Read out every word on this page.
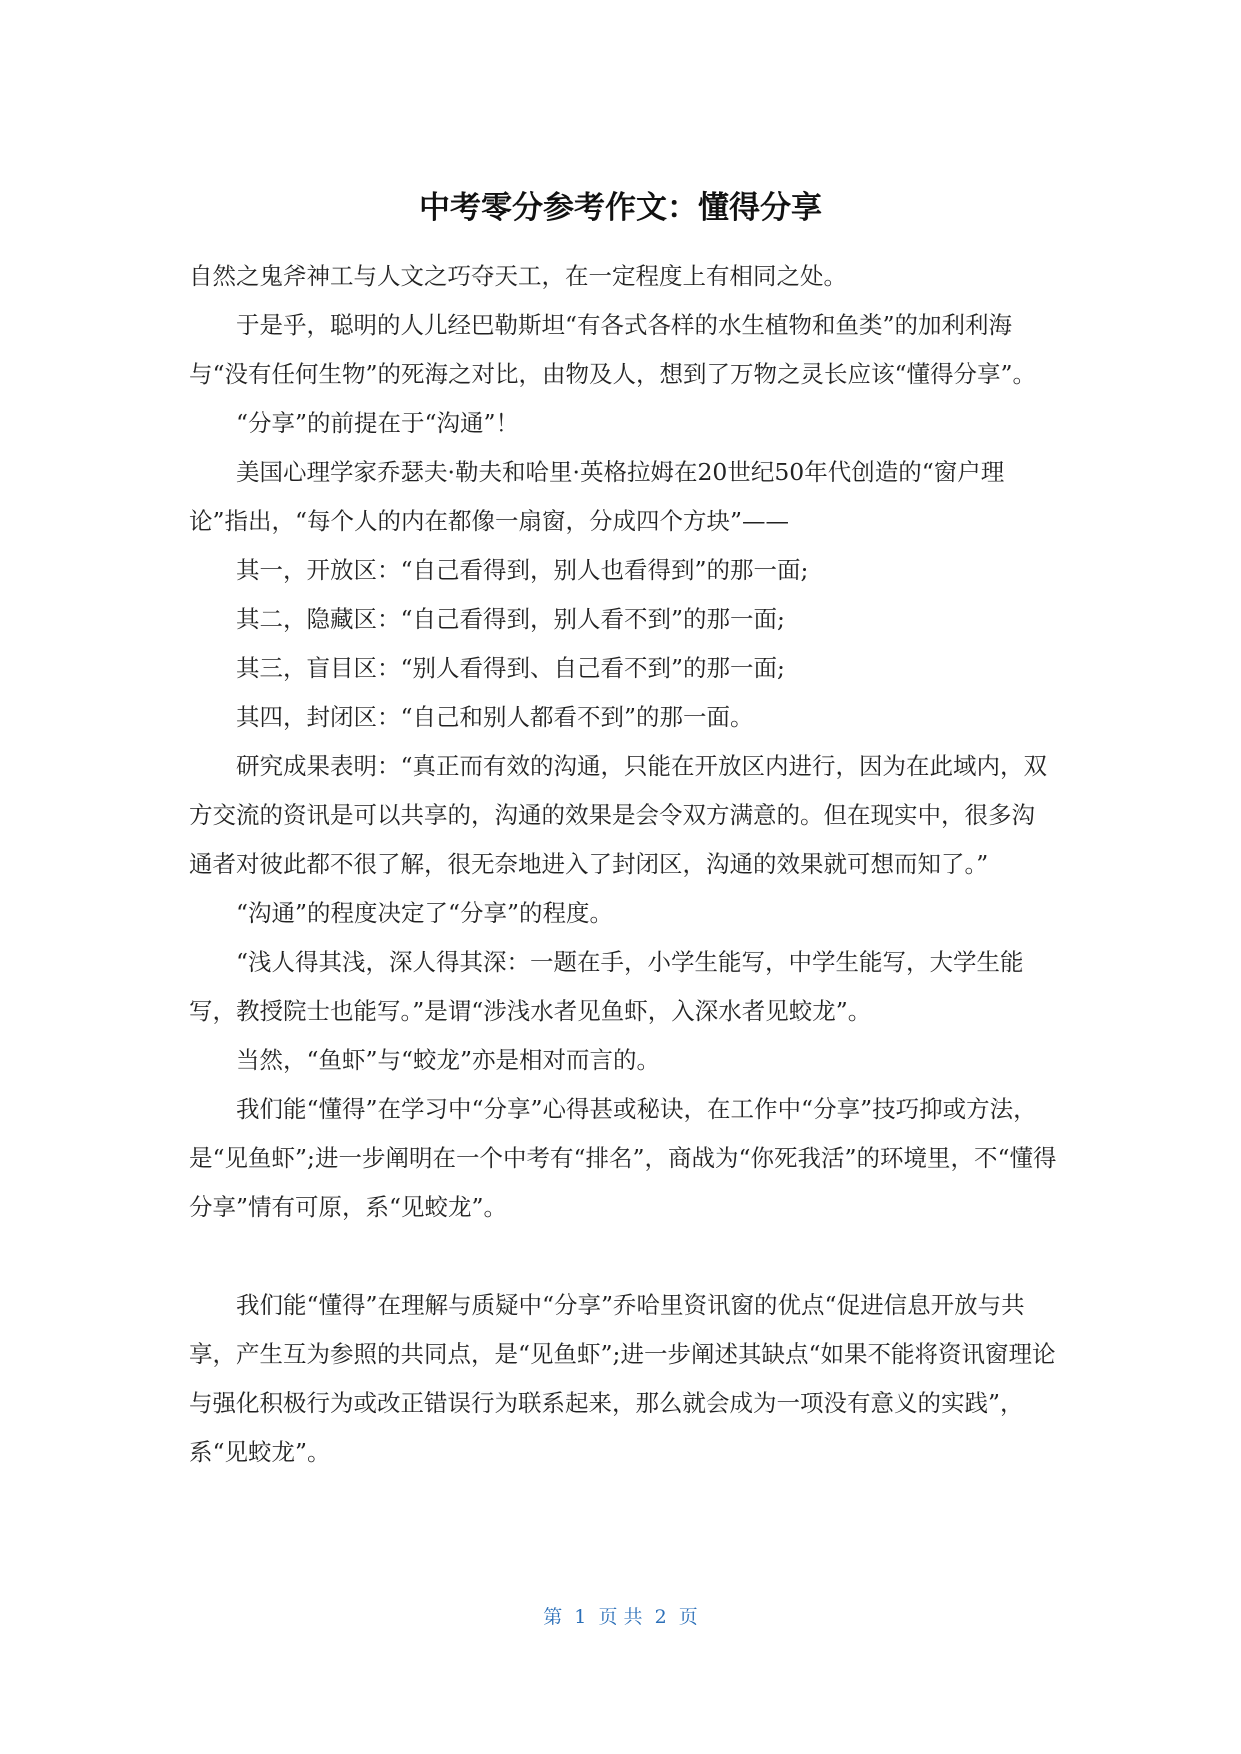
中考零分参考作文：懂得分享

自然之鬼斧神工与人文之巧夺天工，在一定程度上有相同之处。

于是乎，聪明的人儿经巴勒斯坦“有各式各样的水生植物和鱼类”的加利利海与“没有任何生物”的死海之对比，由物及人，想到了万物之灵长应该“懂得分享”。

“分享”的前提在于“沟通”！

美国心理学家乔瑟夫·勒夫和哈里·英格拉姆在20世纪50年代创造的“窗户理论”指出，“每个人的内在都像一扇窗，分成四个方块”——

其一，开放区：“自己看得到，别人也看得到”的那一面;

其二，隐藏区：“自己看得到，别人看不到”的那一面;

其三，盲目区：“别人看得到、自己看不到”的那一面;

其四，封闭区：“自己和别人都看不到”的那一面。

研究成果表明：“真正而有效的沟通，只能在开放区内进行，因为在此域内，双方交流的资讯是可以共享的，沟通的效果是会令双方满意的。但在现实中，很多沟通者对彼此都不很了解，很无奈地进入了封闭区，沟通的效果就可想而知了。”

“沟通”的程度决定了“分享”的程度。

“浅人得其浅，深人得其深：一题在手，小学生能写，中学生能写，大学生能写，教授院士也能写。”是谓“涉浅水者见鱼虾，入深水者见蛟龙”。

当然，“鱼虾”与“蛟龙”亦是相对而言的。

我们能“懂得”在学习中“分享”心得甚或秘诀，在工作中“分享”技巧抑或方法，是“见鱼虾”;进一步阐明在一个中考有“排名”，商战为“你死我活”的环境里，不“懂得分享”情有可原，系“见蛟龙”。

我们能“懂得”在理解与质疑中“分享”乔哈里资讯窗的优点“促进信息开放与共享，产生互为参照的共同点，是“见鱼虾”;进一步阐述其缺点“如果不能将资讯窗理论与强化积极行为或改正错误行为联系起来，那么就会成为一项没有意义的实践”，系“见蛟龙”。

第  1  页 共  2  页
